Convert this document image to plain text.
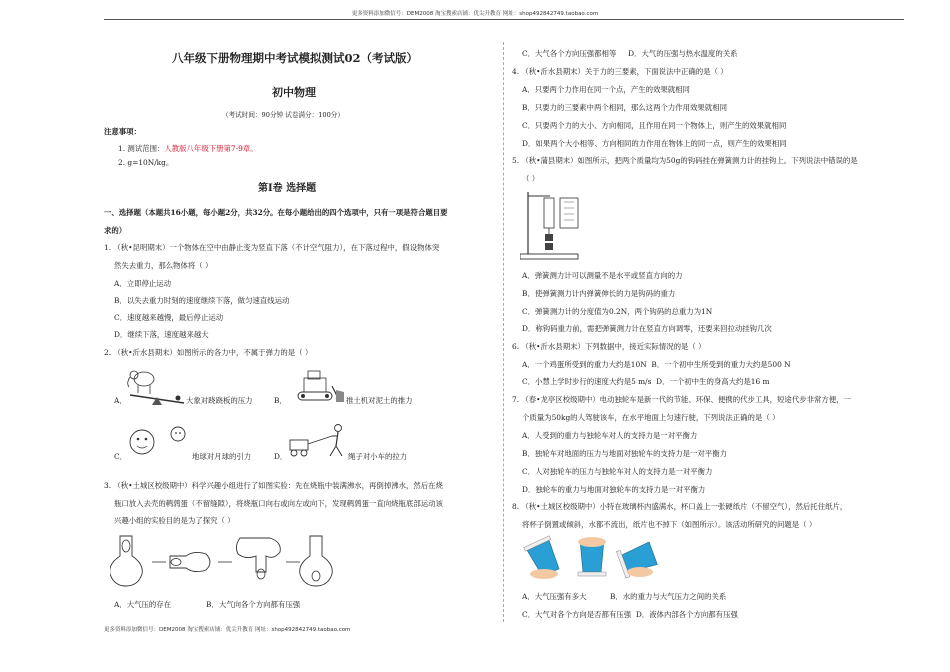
更多资料添加微信号：DEM2008 淘宝搜索店铺：优尖升教育 网址：shop492842749.taobao.com
八年级下册物理期中考试模拟测试02（考试版）
初中物理
（考试时间：90分钟 试卷满分：100分）
注意事项：
1. 测试范围：人教版八年级下册第7-9章。
2. g=10N/kg。
第Ⅰ卷 选择题
一、选择题（本题共16小题，每小题2分，共32分。在每小题给出的四个选项中，只有一项是符合题目要
求的）
1. （秋•昆明期末）一个物体在空中由静止变为竖直下落（不计空气阻力），在下落过程中，假设物体突
然失去重力，那么物体将（ ）
A．立即停止运动
B．以失去重力时刻的速度继续下落，做匀速直线运动
C．速度越来越慢，最后停止运动
D．继续下落，速度越来越大
2. （秋•沂水县期末）如图所示的各力中，不属于弹力的是（ ）
A．	大象对跷跷板的压力	B．	推土机对泥土的推力
C．	地球对月球的引力	D．	绳子对小车的拉力
3. （秋•土城区校级期中）科学兴趣小组进行了如图实验：先在烧瓶中装满沸水，再倒掉沸水，然后在烧
瓶口放入去壳的鹌鹑蛋（不留缝隙），将烧瓶口向右或向左或向下，发现鹌鹑蛋一直向烧瓶底部运动该
兴趣小组的实验目的是为了探究（ ）
A．大气压的存在	B．大气向各个方向都有压强
C．大气各个方向压强都相等 D．大气的压强与热水温度的关系
4. （秋•沂水县期末）关于力的三要素，下面说法中正确的是（ ）
A．只要两个力作用在同一个点，产生的效果就相同
B．只要力的三要素中两个相同，那么这两个力作用效果就相同
C．只要两个力的大小、方向相同，且作用在同一个物体上，则产生的效果就相同
D．如果两个大小相等、方向相同的力作用在物体上的同一点，则产生的效果相同
5. （秋•蒲县期末）如图所示，把两个质量均为50g的钩码挂在弹簧测力计的挂钩上。下列说法中错误的是
（ ）
A．弹簧测力计可以测量不是水平或竖直方向的力
B．使弹簧测力计内弹簧伸长的力是钩码的重力
C．弹簧测力计的分度值为0.2N，两个钩码的总重力为1N
D．称钩码重力前，需把弹簧测力计在竖直方向调零，还要来回拉动挂钩几次
6. （秋•沂水县期末）下列数据中，接近实际情况的是（ ）
A．一个鸡蛋所受到的重力大约是10N B．一个初中生所受到的重力大约是500 N
C．小慧上学时步行的速度大约是5 m/s D．一个初中生的身高大约是16 m
7. （春•龙亭区校级期中）电动独轮车是新一代的节能、环保、便携的代步工具，短途代步非常方便，一
个质量为50kg的人驾驶该车，在水平地面上匀速行驶，下列说法正确的是（ ）
A．人受到的重力与独轮车对人的支持力是一对平衡力
B．独轮车对地面的压力与地面对独轮车的支持力是一对平衡力
C．人对独轮车的压力与独轮车对人的支持力是一对平衡力
D．独轮车的重力与地面对独轮车的支持力是一对平衡力
8. （秋•土城区校级期中）小特在玻璃杯内盛满水，杯口盖上一张硬纸片（不留空气），然后托住纸片，
将杯子倒置或倾斜，水都不流出，纸片也不掉下（如图所示）。该活动所研究的问题是（ ）
A．大气压强有多大	B．水的重力与大气压力之间的关系
C．大气对各个方向是否都有压强 D．液体内部各个方向都有压强
更多资料添加微信号：DEM2008 淘宝搜索店铺：优尖升教育 网址：shop492842749.taobao.com
